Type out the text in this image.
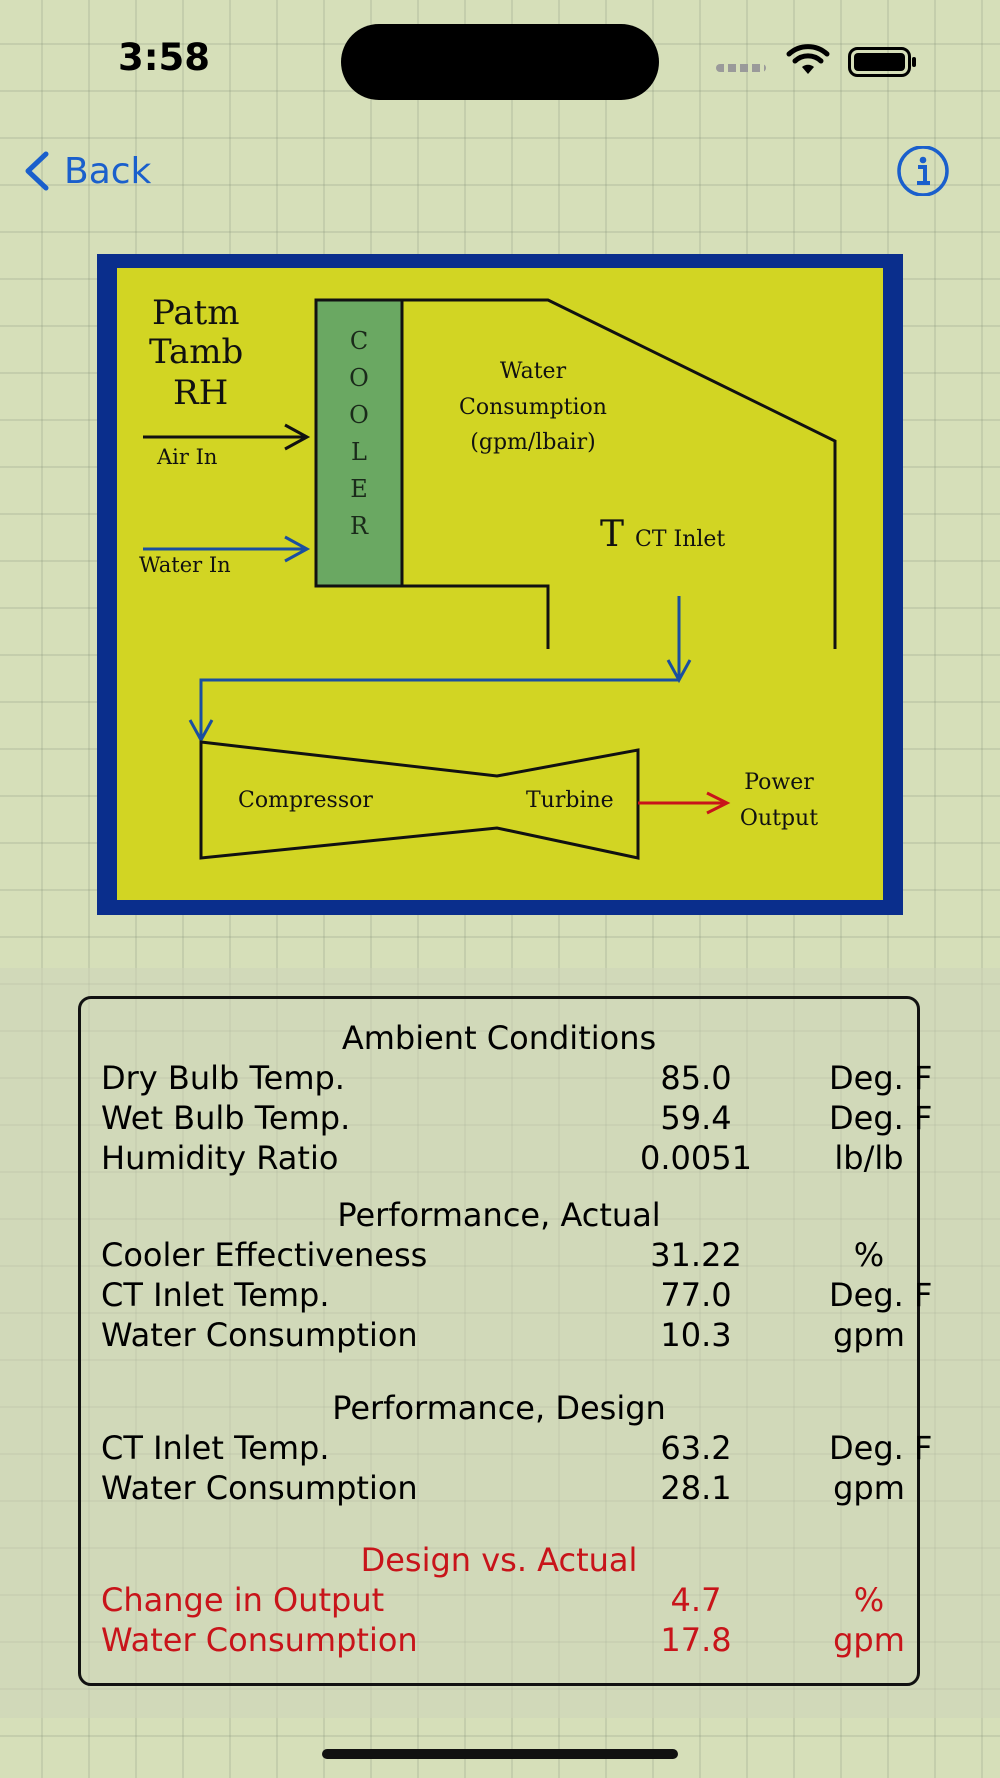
3:58
Back
Patm
Tamb
RH
Air In
Water In
C
O
O
L
E
R
Water
Consumption
(gpm/lbair)
T CT Inlet
Compressor	Turbine
Power
Output
Ambient Conditions
Dry Bulb Temp.	85.0	Deg. F
Wet Bulb Temp.	59.4	Deg. F
Humidity Ratio	0.0051	lb/lb
Performance, Actual
Cooler Effectiveness	31.22	%
CT Inlet Temp.	77.0	Deg. F
Water Consumption	10.3	gpm
Performance, Design
CT Inlet Temp.	63.2	Deg. F
Water Consumption	28.1	gpm
Design vs. Actual
Change in Output	4.7	%
Water Consumption	17.8	gpm
